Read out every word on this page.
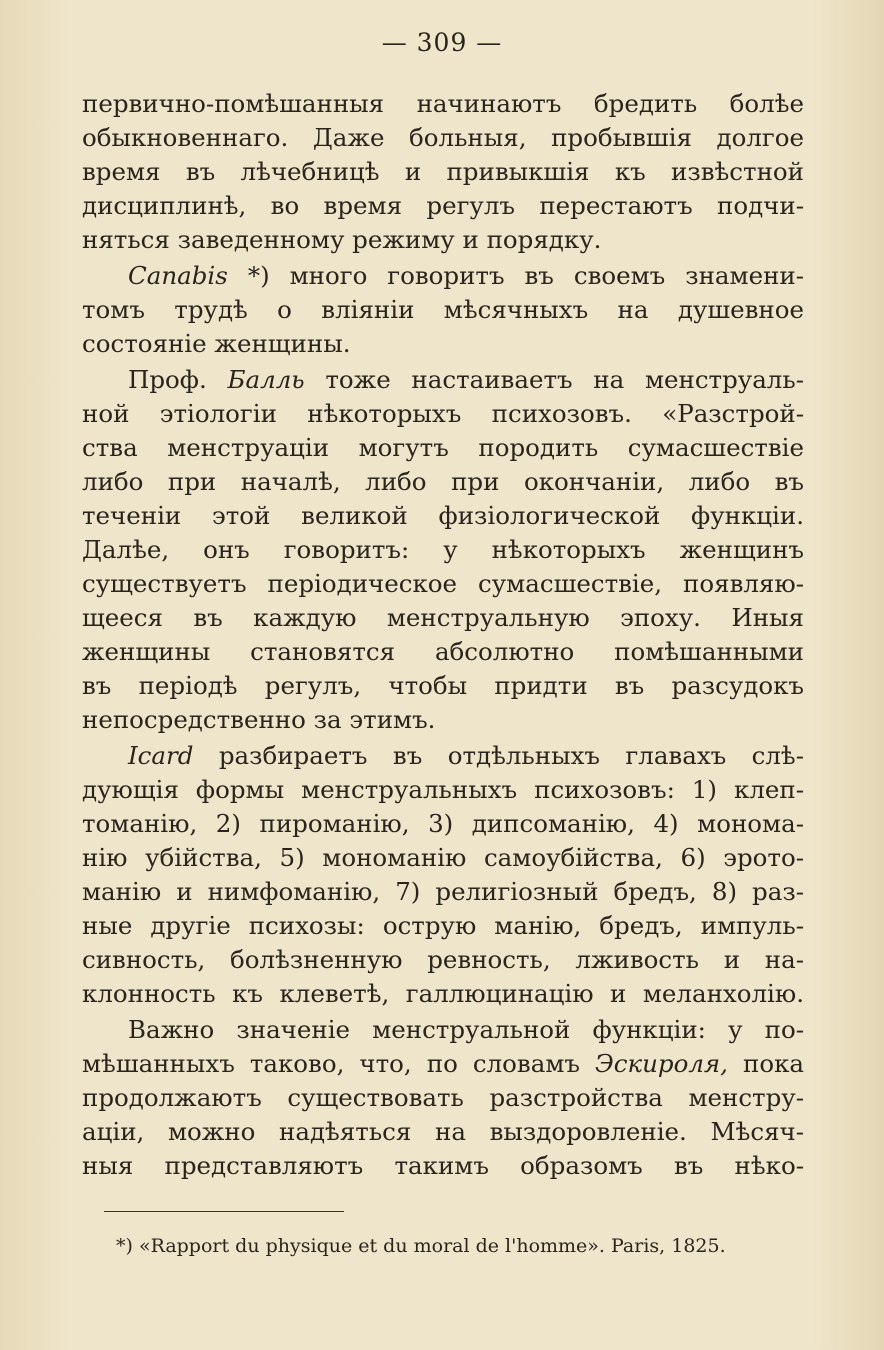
— 309 —
первично-помѣшанныя начинаютъ бредить болѣе
обыкновеннаго. Даже больныя, пробывшія долгое
время въ лѣчебницѣ и привыкшія къ извѣстной
дисциплинѣ, во время регулъ перестаютъ подчи-
няться заведенному режиму и порядку.
Canabis *) много говоритъ въ своемъ знамени-
томъ трудѣ о вліяніи мѣсячныхъ на душевное
состояніе женщины.
Проф. Балль тоже настаиваетъ на менструаль-
ной этіологіи нѣкоторыхъ психозовъ. «Разстрой-
ства менструаціи могутъ породить сумасшествіе
либо при началѣ, либо при окончаніи, либо въ
теченіи этой великой физіологической функціи.
Далѣе, онъ говоритъ: у нѣкоторыхъ женщинъ
существуетъ періодическое сумасшествіе, появляю-
щееся въ каждую менструальную эпоху. Иныя
женщины становятся абсолютно помѣшанными
въ періодѣ регулъ, чтобы придти въ разсудокъ
непосредственно за этимъ.
Icard разбираетъ въ отдѣльныхъ главахъ слѣ-
дующія формы менструальныхъ психозовъ: 1) клеп-
томанію, 2) пироманію, 3) дипсоманію, 4) монома-
нію убійства, 5) мономанію самоубійства, 6) эрото-
манію и нимфоманію, 7) религіозный бредъ, 8) раз-
ные другіе психозы: острую манію, бредъ, импуль-
сивность, болѣзненную ревность, лживость и на-
клонность къ клеветѣ, галлюцинацію и меланхолію.
Важно значеніе менструальной функціи: у по-
мѣшанныхъ таково, что, по словамъ Эскироля, пока
продолжаютъ существовать разстройства менстру-
аціи, можно надѣяться на выздоровленіе. Мѣсяч-
ныя представляютъ такимъ образомъ въ нѣко-
*) «Rapport du physique et du moral de l'homme». Paris, 1825.
